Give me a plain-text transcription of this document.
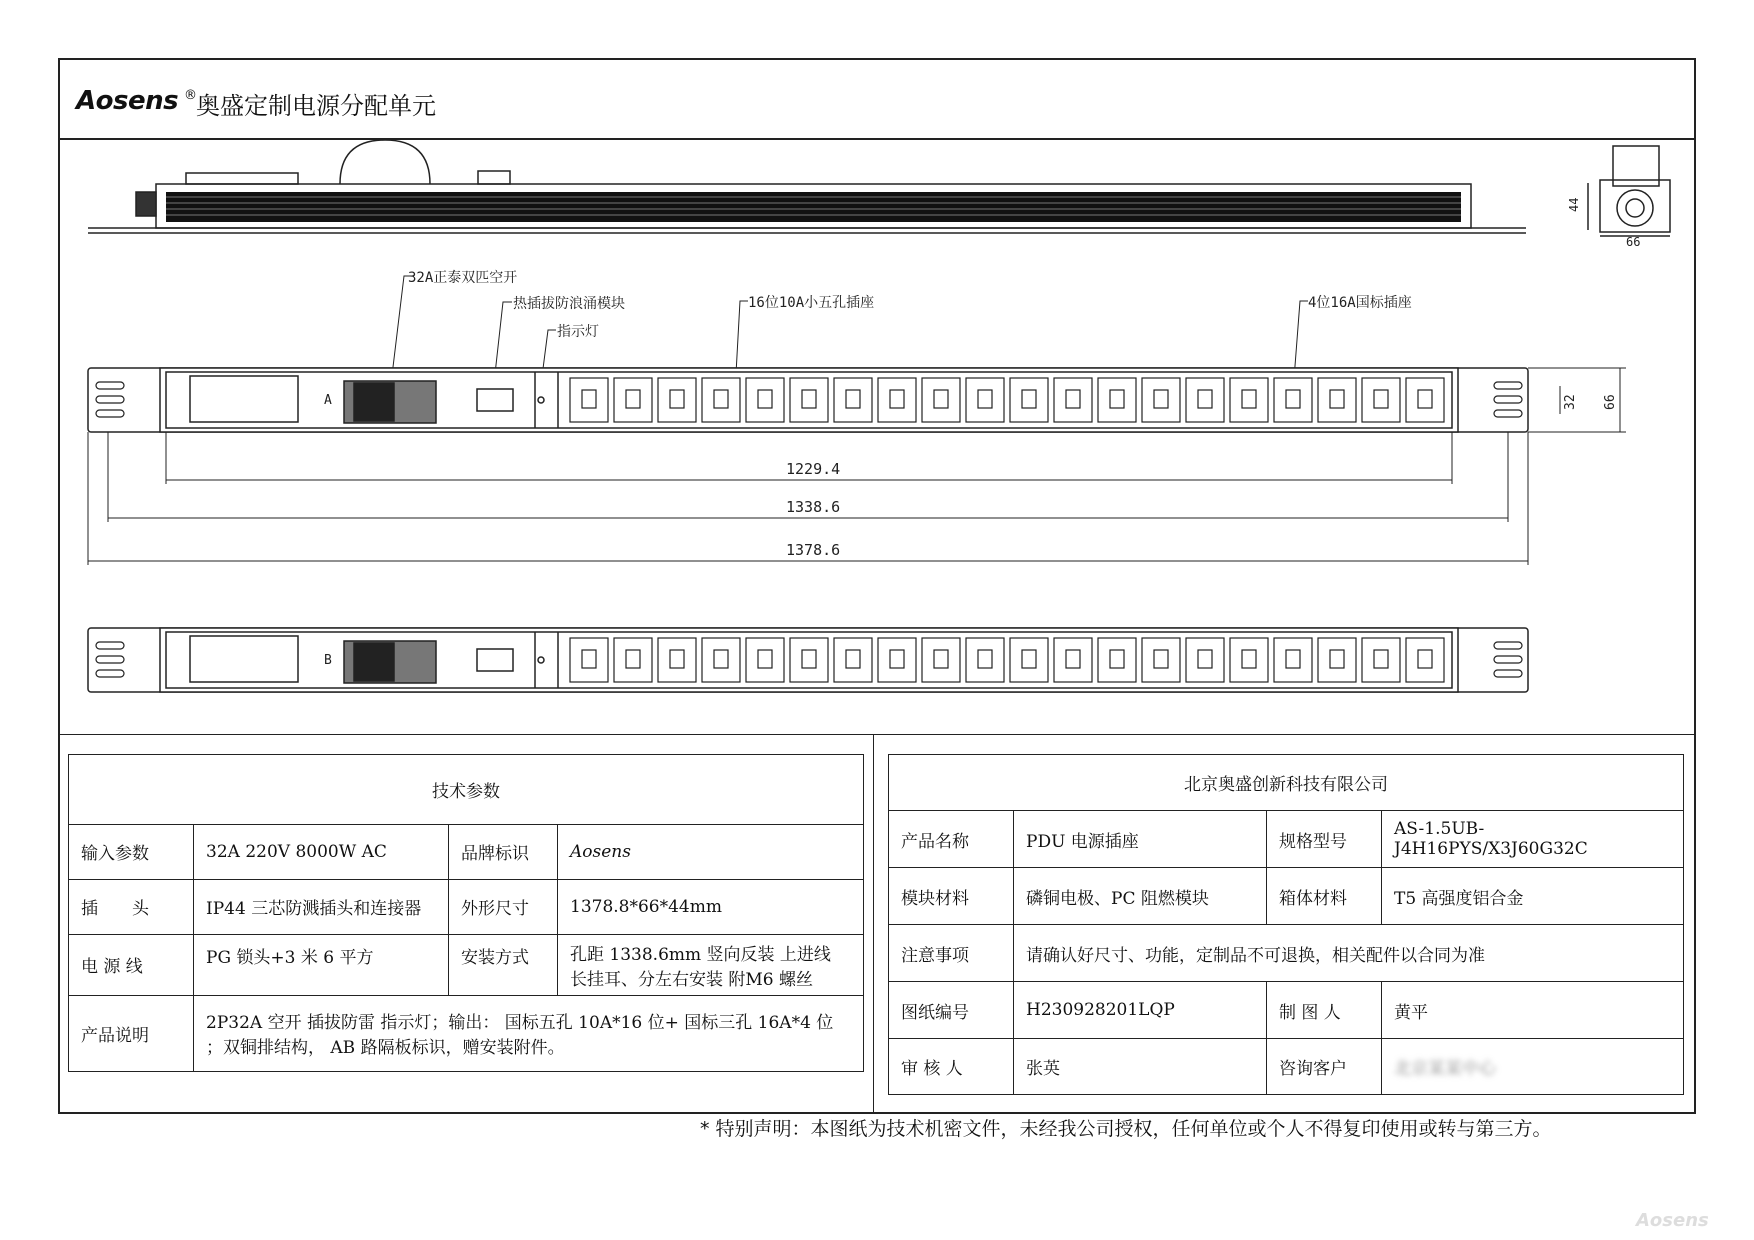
Aosens ® 奥盛定制电源分配单元
44
66
32A正泰双匹空开
热插拔防浪涌模块
指示灯
16位10A小五孔插座	4位16A国标插座
A
B
1229.4
1338.6
1378.6
32 66
技术参数			
输入参数	32A 220V 8000W AC	品牌标识	Aosens
插　　头	IP44 三芯防溅插头和连接器	外形尺寸	1378.8*66*44mm
电 源 线	PG 锁头+3 米 6 平方	安装方式	孔距 1338.6mm 竖向反装 上进线 长挂耳、分左右安装 附M6 螺丝
产品说明	2P32A 空开 插拔防雷 指示灯；输出： 国标五孔 10A*16 位+ 国标三孔 16A*4 位 ；双铜排结构， AB 路隔板标识，赠安装附件。		
北京奥盛创新科技有限公司			
产品名称	PDU 电源插座	规格型号	AS-1.5UB-J4H16PYS/X3J60G32C
模块材料	磷铜电极、PC 阻燃模块	箱体材料	T5 高强度铝合金
注意事项	请确认好尺寸、功能，定制品不可退换，相关配件以合同为准		
图纸编号	H230928201LQP	制 图 人	黄平
审 核 人	张英	咨询客户	北京某某中心
* 特别声明：本图纸为技术机密文件，未经我公司授权，任何单位或个人不得复印使用或转与第三方。
Aosens
